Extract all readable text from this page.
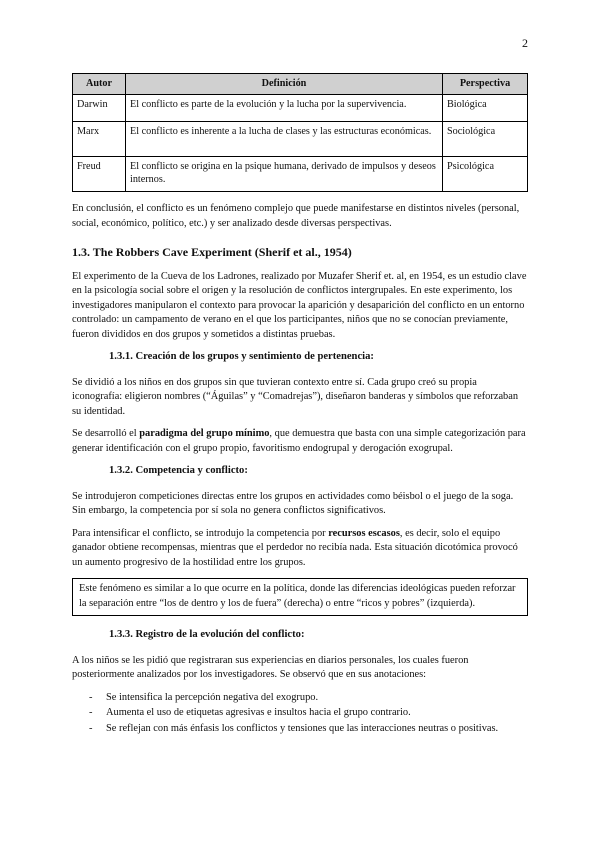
2
Autor	Definición	Perspectiva
Darwin	El conflicto es parte de la evolución y la lucha por la supervivencia.	Biológica
Marx	El conflicto es inherente a la lucha de clases y las estructuras económicas.	Sociológica
Freud	El conflicto se origina en la psique humana, derivado de impulsos y deseos internos.	Psicológica

En conclusión, el conflicto es un fenómeno complejo que puede manifestarse en distintos niveles (personal, social, económico, político, etc.) y ser analizado desde diversas perspectivas.

1.3. The Robbers Cave Experiment (Sherif et al., 1954)

El experimento de la Cueva de los Ladrones, realizado por Muzafer Sherif et. al, en 1954, es un estudio clave en la psicología social sobre el origen y la resolución de conflictos intergrupales. En este experimento, los investigadores manipularon el contexto para provocar la aparición y desaparición del conflicto en un entorno controlado: un campamento de verano en el que los participantes, niños que no se conocían previamente, fueron divididos en dos grupos y sometidos a distintas pruebas.

1.3.1. Creación de los grupos y sentimiento de pertenencia:

Se dividió a los niños en dos grupos sin que tuvieran contexto entre sí. Cada grupo creó su propia iconografía: eligieron nombres (“Águilas” y “Comadrejas”), diseñaron banderas y símbolos que reforzaban su identidad.

Se desarrolló el paradigma del grupo mínimo, que demuestra que basta con una simple categorización para generar identificación con el grupo propio, favoritismo endogrupal y derogación exogrupal.

1.3.2. Competencia y conflicto:

Se introdujeron competiciones directas entre los grupos en actividades como béisbol o el juego de la soga. Sin embargo, la competencia por sí sola no genera conflictos significativos.

Para intensificar el conflicto, se introdujo la competencia por recursos escasos, es decir, solo el equipo ganador obtiene recompensas, mientras que el perdedor no recibía nada. Esta situación dicotómica provocó un aumento progresivo de la hostilidad entre los grupos.

Este fenómeno es similar a lo que ocurre en la política, donde las diferencias ideológicas pueden reforzar la separación entre “los de dentro y los de fuera” (derecha) o entre “ricos y pobres” (izquierda).
1.3.3. Registro de la evolución del conflicto:

A los niños se les pidió que registraran sus experiencias en diarios personales, los cuales fueron posteriormente analizados por los investigadores. Se observó que en sus anotaciones:

- Se intensifica la percepción negativa del exogrupo.
- Aumenta el uso de etiquetas agresivas e insultos hacia el grupo contrario.
- Se reflejan con más énfasis los conflictos y tensiones que las interacciones neutras o positivas.
